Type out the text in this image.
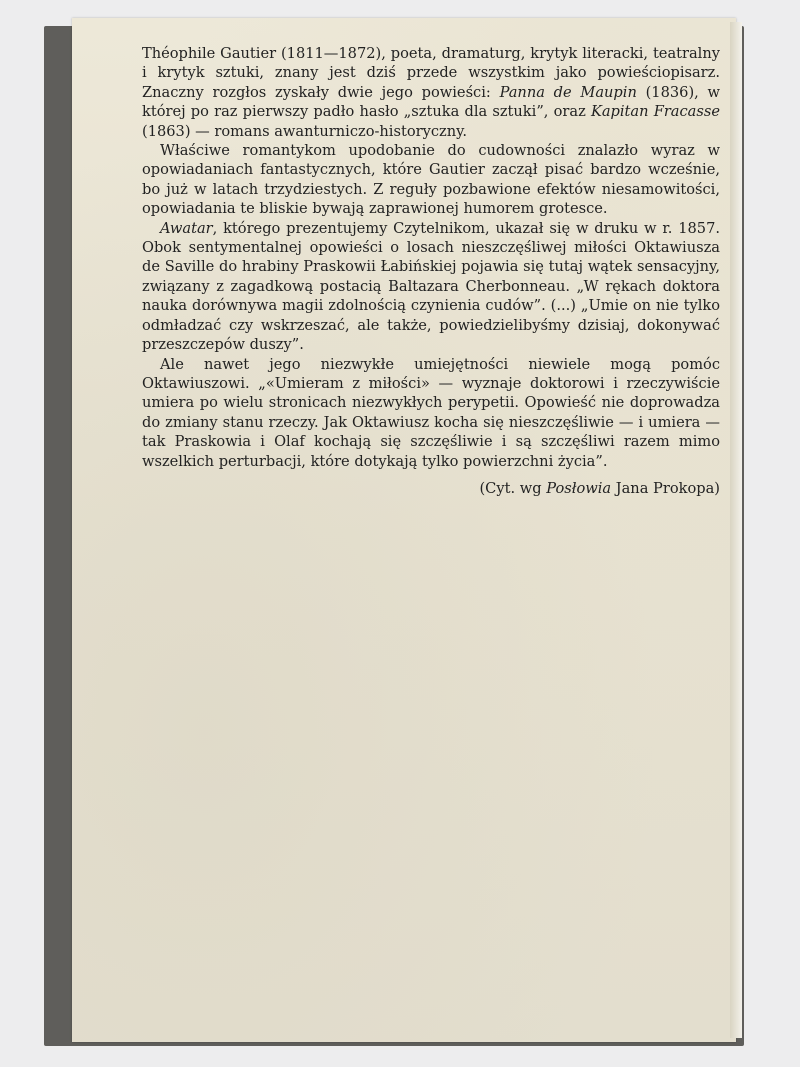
Théophile Gautier (1811—1872), poeta, dramaturg, krytyk literacki, teatralny i krytyk sztuki, znany jest dziś przede wszystkim jako powieściopisarz. Znaczny rozgłos zyskały dwie jego powieści: Panna de Maupin (1836), w której po raz pierwszy padło hasło „sztuka dla sztuki”, oraz Kapitan Fracasse (1863) — romans awanturniczo-historyczny.

Właściwe romantykom upodobanie do cudowności znalazło wyraz w opowiadaniach fantastycznych, które Gautier zaczął pisać bardzo wcześnie, bo już w latach trzydziestych. Z reguły pozbawione efektów niesamowitości, opowiadania te bliskie bywają zaprawionej humorem grotesce.

Awatar, którego prezentujemy Czytelnikom, ukazał się w druku w r. 1857. Obok sentymentalnej opowieści o losach nieszczęśliwej miłości Oktawiusza de Saville do hrabiny Praskowii Łabińskiej pojawia się tutaj wątek sensacyjny, związany z zagadkową postacią Baltazara Cherbonneau. „W rękach doktora nauka dorównywa magii zdolnością czynienia cudów”. (...) „Umie on nie tylko odmładzać czy wskrzeszać, ale także, powiedzielibyśmy dzisiaj, dokonywać przeszczepów duszy”.

Ale nawet jego niezwykłe umiejętności niewiele mogą pomóc Oktawiuszowi. „«Umieram z miłości» — wyznaje doktorowi i rzeczywiście umiera po wielu stronicach niezwykłych perypetii. Opowieść nie doprowadza do zmiany stanu rzeczy. Jak Oktawiusz kocha się nieszczęśliwie — i umiera — tak Praskowia i Olaf kochają się szczęśliwie i są szczęśliwi razem mimo wszelkich perturbacji, które dotykają tylko powierzchni życia”.

(Cyt. wg Posłowia Jana Prokopa)
